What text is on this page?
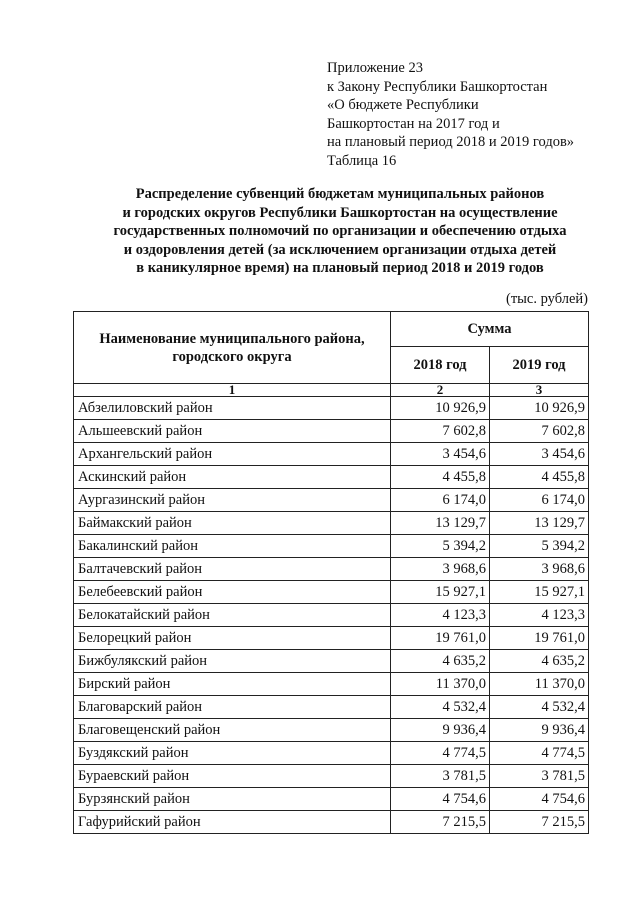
Приложение 23
к Закону Республики Башкортостан
«О бюджете Республики
Башкортостан на 2017 год и
на плановый период 2018 и 2019 годов»
Таблица 16
Распределение субвенций бюджетам муниципальных районов
и городских округов Республики Башкортостан на осуществление
государственных полномочий по организации и обеспечению отдыха
и оздоровления детей (за исключением организации отдыха детей
в каникулярное время) на плановый период 2018 и 2019 годов
(тыс. рублей)
Наименование муниципального района, городского округа	Сумма	
	2018 год	2019 год
1	2	3
Абзелиловский район	10 926,9	10 926,9
Альшеевский район	7 602,8	7 602,8
Архангельский район	3 454,6	3 454,6
Аскинский район	4 455,8	4 455,8
Аургазинский район	6 174,0	6 174,0
Баймакский район	13 129,7	13 129,7
Бакалинский район	5 394,2	5 394,2
Балтачевский район	3 968,6	3 968,6
Белебеевский район	15 927,1	15 927,1
Белокатайский район	4 123,3	4 123,3
Белорецкий район	19 761,0	19 761,0
Бижбулякский район	4 635,2	4 635,2
Бирский район	11 370,0	11 370,0
Благоварский район	4 532,4	4 532,4
Благовещенский район	9 936,4	9 936,4
Буздякский район	4 774,5	4 774,5
Бураевский район	3 781,5	3 781,5
Бурзянский район	4 754,6	4 754,6
Гафурийский район	7 215,5	7 215,5
